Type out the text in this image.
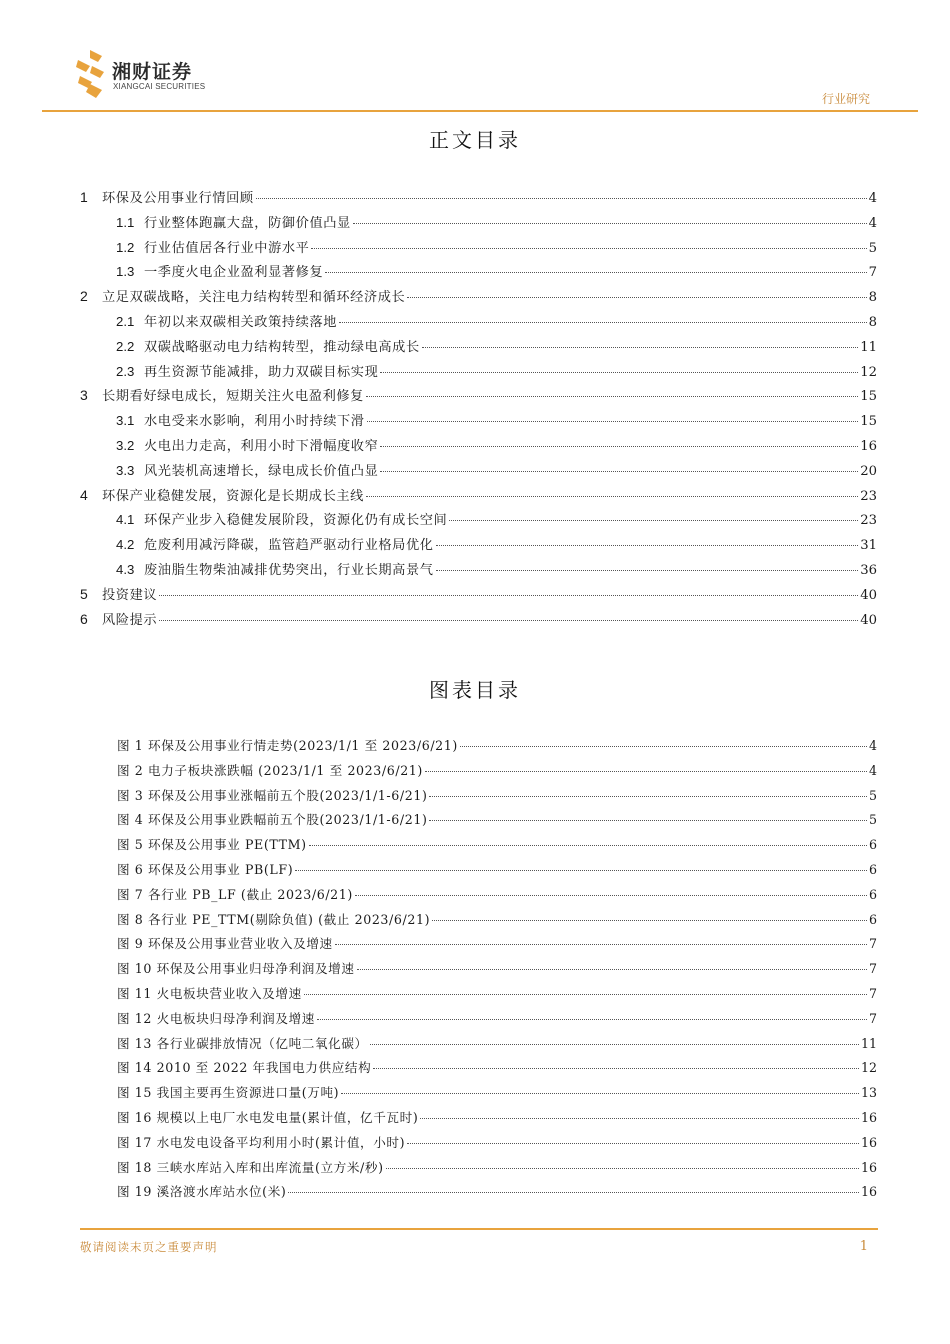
湘财证券
XIANGCAI SECURITIES
行业研究
正文目录
1	环保及公用事业行情回顾	4
1.1 行业整体跑赢大盘，防御价值凸显	4
1.2 行业估值居各行业中游水平	5
1.3 一季度火电企业盈利显著修复	7
2	立足双碳战略，关注电力结构转型和循环经济成长	8
2.1 年初以来双碳相关政策持续落地	8
2.2 双碳战略驱动电力结构转型，推动绿电高成长	11
2.3 再生资源节能减排，助力双碳目标实现	12
3	长期看好绿电成长，短期关注火电盈利修复	15
3.1 水电受来水影响，利用小时持续下滑	15
3.2 火电出力走高，利用小时下滑幅度收窄	16
3.3 风光装机高速增长，绿电成长价值凸显	20
4	环保产业稳健发展，资源化是长期成长主线	23
4.1 环保产业步入稳健发展阶段，资源化仍有成长空间	23
4.2 危废利用减污降碳，监管趋严驱动行业格局优化	31
4.3 废油脂生物柴油减排优势突出，行业长期高景气	36
5	投资建议	40
6	风险提示	40
图表目录
图 1 环保及公用事业行情走势(2023/1/1 至 2023/6/21)	4
图 2 电力子板块涨跌幅 (2023/1/1 至 2023/6/21)	4
图 3 环保及公用事业涨幅前五个股(2023/1/1-6/21)	5
图 4 环保及公用事业跌幅前五个股(2023/1/1-6/21)	5
图 5 环保及公用事业 PE(TTM)	6
图 6 环保及公用事业 PB(LF)	6
图 7 各行业 PB_LF (截止 2023/6/21)	6
图 8 各行业 PE_TTM(剔除负值) (截止 2023/6/21)	6
图 9 环保及公用事业营业收入及增速	7
图 10 环保及公用事业归母净利润及增速	7
图 11 火电板块营业收入及增速	7
图 12 火电板块归母净利润及增速	7
图 13 各行业碳排放情况（亿吨二氧化碳）	11
图 14 2010 至 2022 年我国电力供应结构	12
图 15 我国主要再生资源进口量(万吨)	13
图 16 规模以上电厂水电发电量(累计值，亿千瓦时)	16
图 17 水电发电设备平均利用小时(累计值，小时)	16
图 18 三峡水库站入库和出库流量(立方米/秒)	16
图 19 溪洛渡水库站水位(米)	16
敬请阅读末页之重要声明	1
